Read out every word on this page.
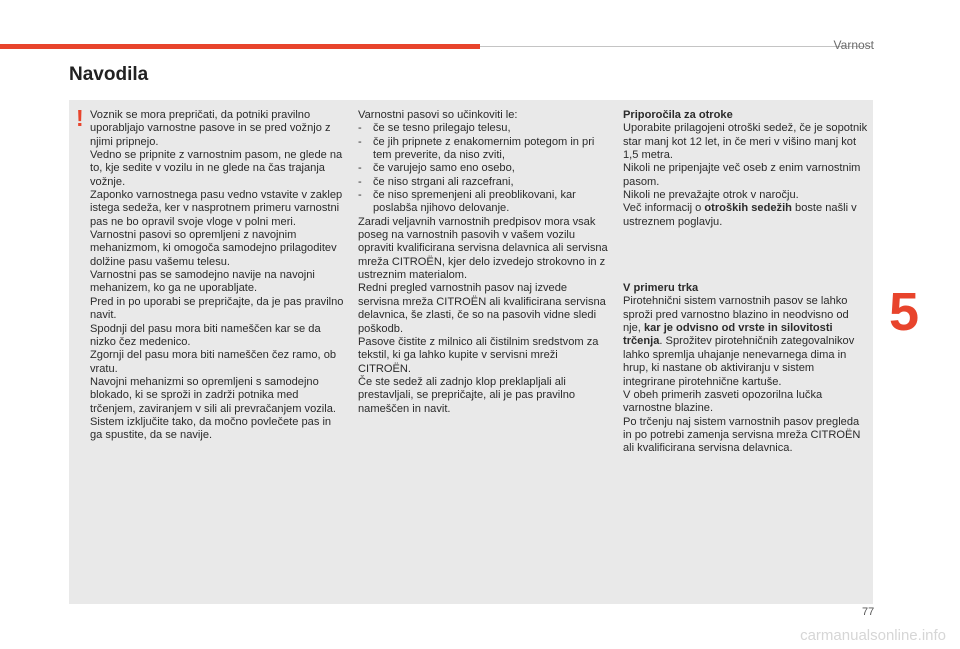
Varnost
Navodila
! Voznik se mora prepričati, da potniki pravilno uporabljajo varnostne pasove in se pred vožnjo z njimi pripnejo.

Vedno se pripnite z varnostnim pasom, ne glede na to, kje sedite v vozilu in ne glede na čas trajanja vožnje.

Zaponko varnostnega pasu vedno vstavite v zaklep istega sedeža, ker v nasprotnem primeru varnostni pas ne bo opravil svoje vloge v polni meri.

Varnostni pasovi so opremljeni z navojnim mehanizmom, ki omogoča samodejno prilagoditev dolžine pasu vašemu telesu.

Varnostni pas se samodejno navije na navojni mehanizem, ko ga ne uporabljate.

Pred in po uporabi se prepričajte, da je pas pravilno navit.

Spodnji del pasu mora biti nameščen kar se da nizko čez medenico.

Zgornji del pasu mora biti nameščen čez ramo, ob vratu.

Navojni mehanizmi so opremljeni s samodejno blokado, ki se sproži in zadrži potnika med trčenjem, zaviranjem v sili ali prevračanjem vozila. Sistem izključite tako, da močno povlečete pas in ga spustite, da se navije.

Varnostni pasovi so učinkoviti le:

-	če se tesno prilegajo telesu,
-	če jih pripnete z enakomernim potegom in pri tem preverite, da niso zviti,
-	če varujejo samo eno osebo,
-	če niso strgani ali razcefrani,
-	če niso spremenjeni ali preoblikovani, kar poslabša njihovo delovanje.

Zaradi veljavnih varnostnih predpisov mora vsak poseg na varnostnih pasovih v vašem vozilu opraviti kvalificirana servisna delavnica ali servisna mreža CITROËN, kjer delo izvedejo strokovno in z ustreznim materialom.

Redni pregled varnostnih pasov naj izvede servisna mreža CITROËN ali kvalificirana servisna delavnica, še zlasti, če so na pasovih vidne sledi poškodb.

Pasove čistite z milnico ali čistilnim sredstvom za tekstil, ki ga lahko kupite v servisni mreži CITROËN.

Če ste sedež ali zadnjo klop preklapljali ali prestavljali, se prepričajte, ali je pas pravilno nameščen in navit.

Priporočila za otroke

Uporabite prilagojeni otroški sedež, če je sopotnik star manj kot 12 let, in če meri v višino manj kot 1,5 metra.

Nikoli ne pripenjajte več oseb z enim varnostnim pasom.

Nikoli ne prevažajte otrok v naročju.

Več informacij o otroških sedežih boste našli v ustreznem poglavju.

V primeru trka

Pirotehnični sistem varnostnih pasov se lahko sproži pred varnostno blazino in neodvisno od nje, kar je odvisno od vrste in silovitosti trčenja. Sprožitev pirotehničnih zategovalnikov lahko spremlja uhajanje nenevarnega dima in hrup, ki nastane ob aktiviranju v sistem integrirane pirotehnične kartuše.

V obeh primerih zasveti opozorilna lučka varnostne blazine.

Po trčenju naj sistem varnostnih pasov pregleda in po potrebi zamenja servisna mreža CITROËN ali kvalificirana servisna delavnica.

5
77
carmanualsonline.info
